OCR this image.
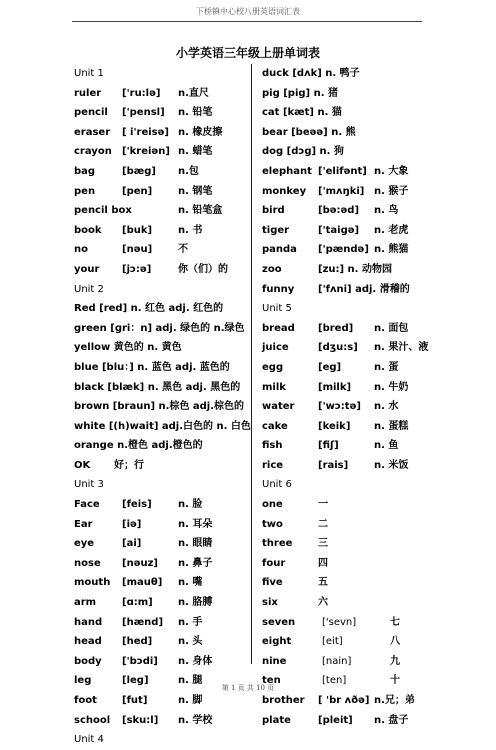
下桥镇中心校八册英语词汇表
小学英语三年级上册单词表
Unit 1
ruler ['ru:lə] n.直尺
pencil ['pensl] n. 铅笔
eraser [ i'reisə] n. 橡皮擦
crayon ['kreiən] n. 蜡笔
bag	[bæg] n.包
pen	[pen]	n. 钢笔
pencil box	n. 铅笔盒
book [buk]	n. 书
no	[nəu]	不
your [jɔ:ə]	你（们）的
Unit 2
Red [red] n. 红色 adj. 红色的
green [ɡri：n] adj. 绿色的 n.绿色
yellow 黄色的 n. 黄色
blue [blu：] n. 蓝色 adj. 蓝色的
black [blæk] n. 黑色 adj. 黑色的
brown [braun] n.棕色 adj.棕色的
white [(h)wait] adj.白色的 n. 白色
orange n.橙色 adj.橙色的
OK 好；行
Unit 3
Face [feis]	n. 脸
Ear	[iə]	n. 耳朵
eye	[ai]	n. 眼睛
nose [nəuz] n. 鼻子
mouth [mauθ] n. 嘴
arm	[ɑ:m]	n. 胳膊
hand [hænd] n. 手
head [hed]	n. 头
body ['bɔdi] n. 身体
leg	[leg]	n. 腿
foot	[fut]	n. 脚
school [sku:l] n. 学校
Unit 4
duck [dʌk] n. 鸭子
pig [pig] n. 猪
cat [kæt] n. 猫
bear [beəə] n. 熊
dog [dɔg] n. 狗
elephant ['elifənt] n. 大象
monkey ['mʌŋki] n. 猴子
bird	[bə:əd] n. 鸟
tiger	['taigə] n. 老虎
panda ['pændə] n. 熊猫
zoo	[zu:] n. 动物园
funny ['fʌni] adj. 滑稽的
Unit 5
bread [bred] n. 面包
juice	[dʒu:s] n. 果汁、液
egg	[eg]	n. 蛋
milk	[milk] n. 牛奶
water ['wɔ:tə] n. 水
cake	[keik] n. 蛋糕
fish	[fiʃ]	n. 鱼
rice	[rais]	n. 米饭
Unit 6
one	一
two	二
three	三
four	四
five	五
six	六
seven	['sevn]	七
eight	[eit]	八
nine	[nain]	九
ten	[ten]	十
brother [ 'br ʌðə] n.兄；弟
plate	[pleit] n. 盘子
第 1 页 共 10 页
